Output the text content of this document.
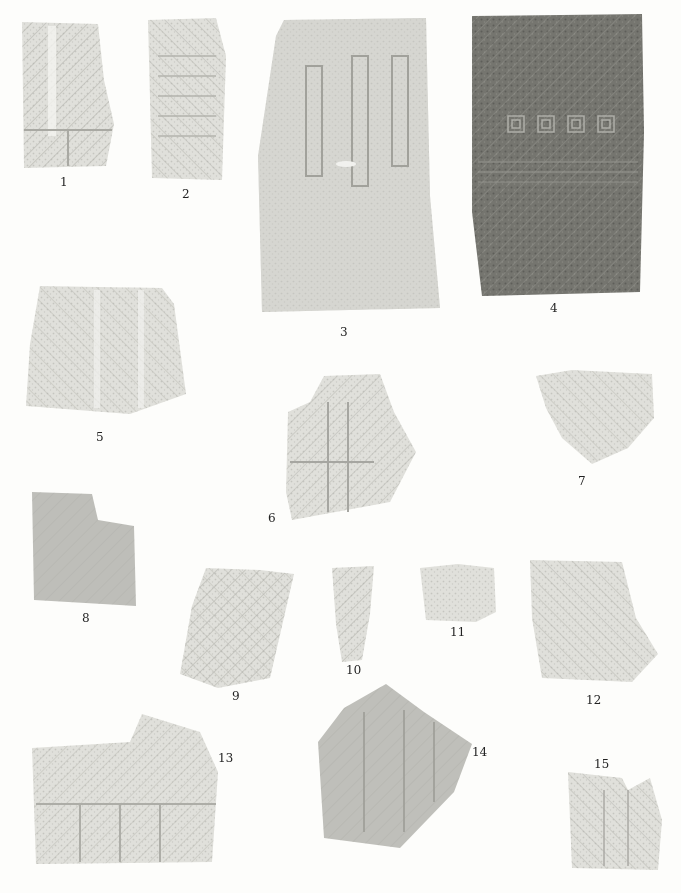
1
2
3
4
5
6
7
8
9
10
11
12
13	14
15
